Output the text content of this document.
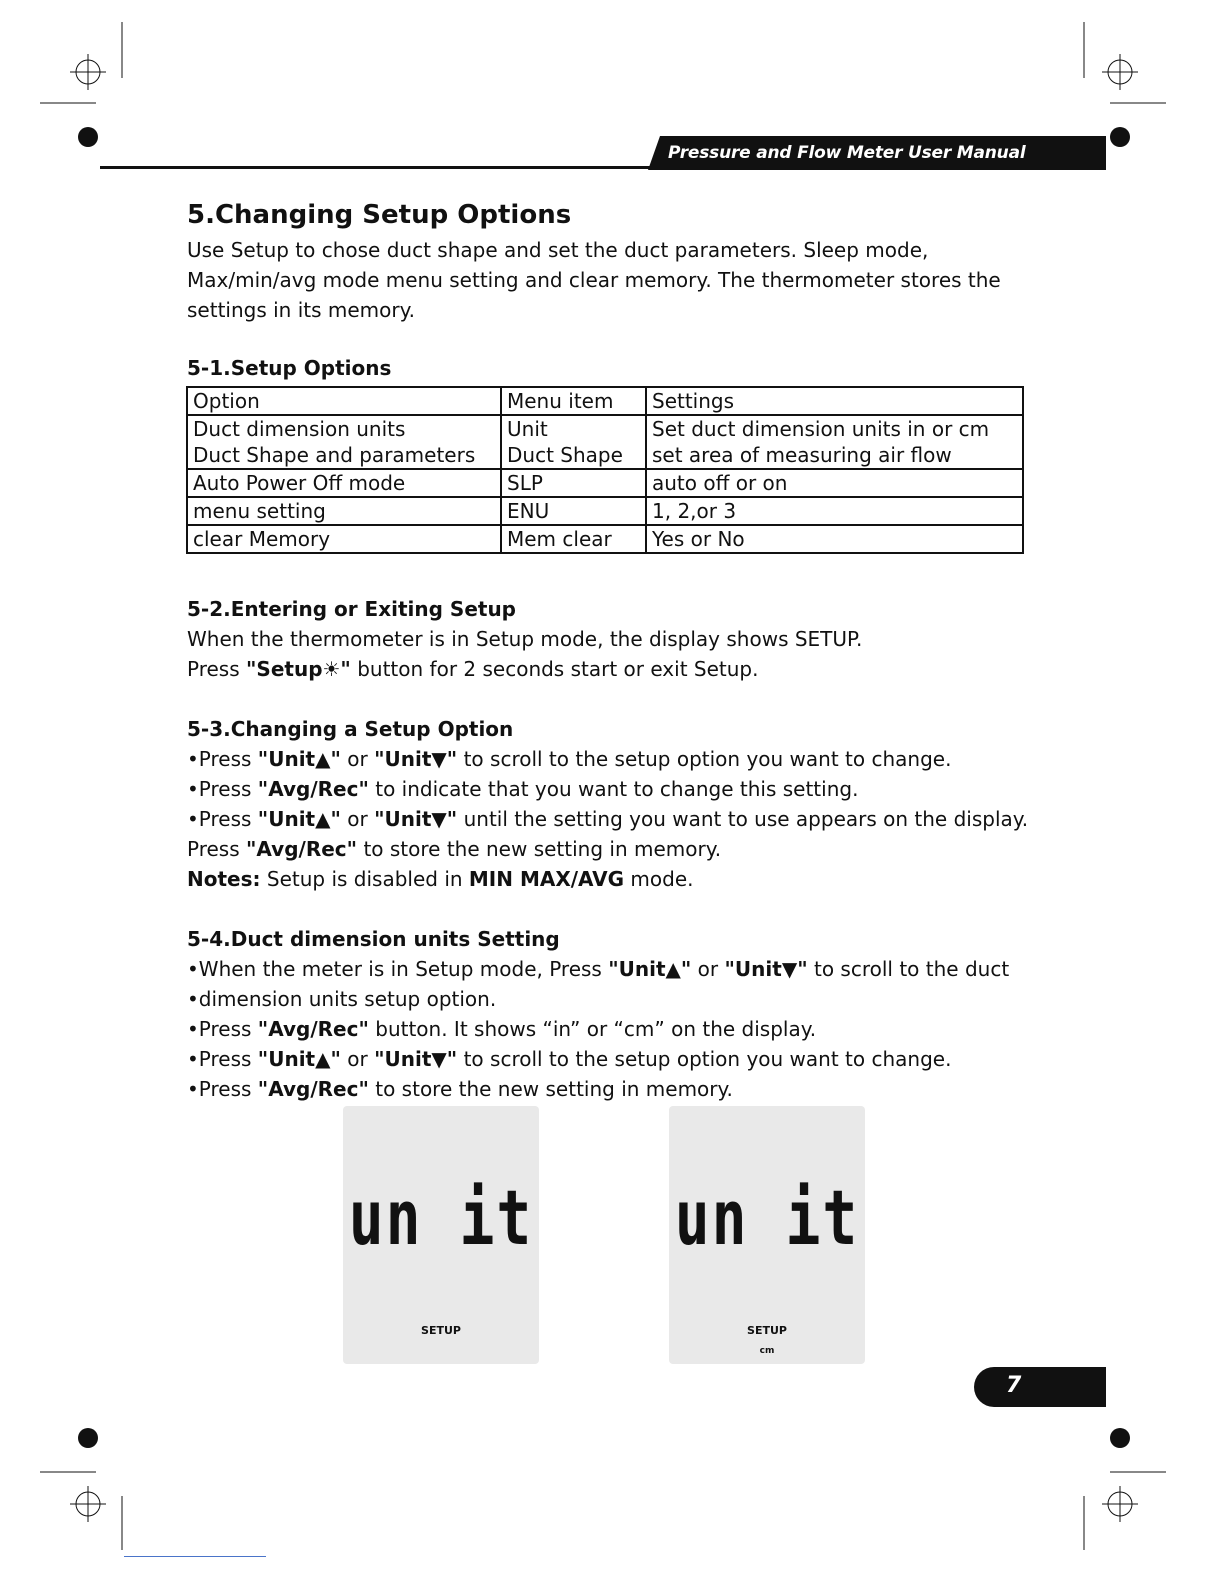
Pressure and Flow Meter User Manual
5.Changing Setup Options

Use Setup to chose duct shape and set the duct parameters. Sleep mode, Max/min/avg mode menu setting and clear memory. The thermometer stores the settings in its memory.

5-1.Setup Options
Option	Menu item	Settings
Duct dimension units	Unit	Set duct dimension units in or cm
Duct Shape and parameters	Duct Shape	set area of measuring air flow
Auto Power Off mode	SLP	auto off or on
menu setting	ENU	1, 2,or 3
clear Memory	Mem clear	Yes or No
5-2.Entering or Exiting Setup
When the thermometer is in Setup mode, the display shows SETUP.
Press "Setup☀" button for 2 seconds start or exit Setup.
5-3.Changing a Setup Option
•Press "Unit▲" or "Unit▼" to scroll to the setup option you want to change.
•Press "Avg/Rec" to indicate that you want to change this setting.
•Press "Unit▲" or "Unit▼" until the setting you want to use appears on the display.
Press "Avg/Rec" to store the new setting in memory.
Notes: Setup is disabled in MIN MAX/AVG mode.
5-4.Duct dimension units Setting
•When the meter is in Setup mode, Press "Unit▲" or "Unit▼" to scroll to the duct
•dimension units setup option.
•Press "Avg/Rec" button. It shows “in” or “cm” on the display.
•Press "Unit▲" or "Unit▼" to scroll to the setup option you want to change.
•Press "Avg/Rec" to store the new setting in memory.
un it
SETUP
un it
SETUP
cm
7
